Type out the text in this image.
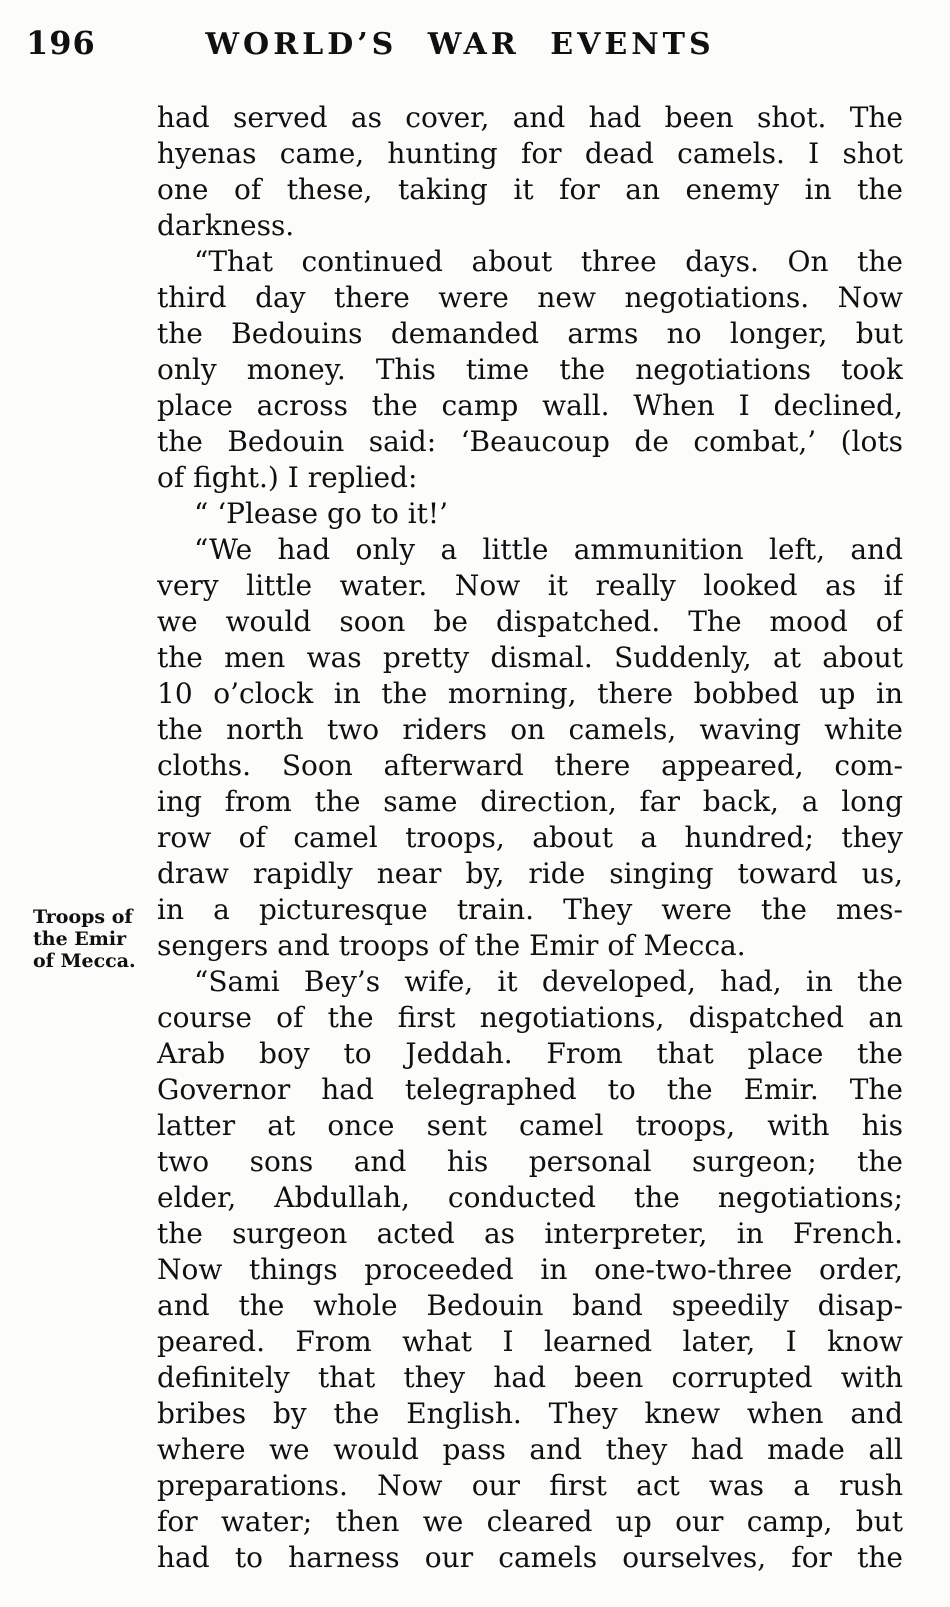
196	WORLD’S WAR EVENTS
Troops of the Emir of Mecca.
had served as cover, and had been shot. The
hyenas came, hunting for dead camels. I shot
one of these, taking it for an enemy in the
darkness.
“That continued about three days. On the
third day there were new negotiations. Now
the Bedouins demanded arms no longer, but
only money. This time the negotiations took
place across the camp wall. When I declined,
the Bedouin said: ‘Beaucoup de combat,’ (lots
of fight.) I replied:
“ ‘Please go to it!’
“We had only a little ammunition left, and
very little water. Now it really looked as if
we would soon be dispatched. The mood of
the men was pretty dismal. Suddenly, at about
10 o’clock in the morning, there bobbed up in
the north two riders on camels, waving white
cloths. Soon afterward there appeared, com-
ing from the same direction, far back, a long
row of camel troops, about a hundred; they
draw rapidly near by, ride singing toward us,
in a picturesque train. They were the mes-
sengers and troops of the Emir of Mecca.
“Sami Bey’s wife, it developed, had, in the
course of the first negotiations, dispatched an
Arab boy to Jeddah. From that place the
Governor had telegraphed to the Emir. The
latter at once sent camel troops, with his
two sons and his personal surgeon; the
elder, Abdullah, conducted the negotiations;
the surgeon acted as interpreter, in French.
Now things proceeded in one-two-three order,
and the whole Bedouin band speedily disap-
peared. From what I learned later, I know
definitely that they had been corrupted with
bribes by the English. They knew when and
where we would pass and they had made all
preparations. Now our first act was a rush
for water; then we cleared up our camp, but
had to harness our camels ourselves, for the
